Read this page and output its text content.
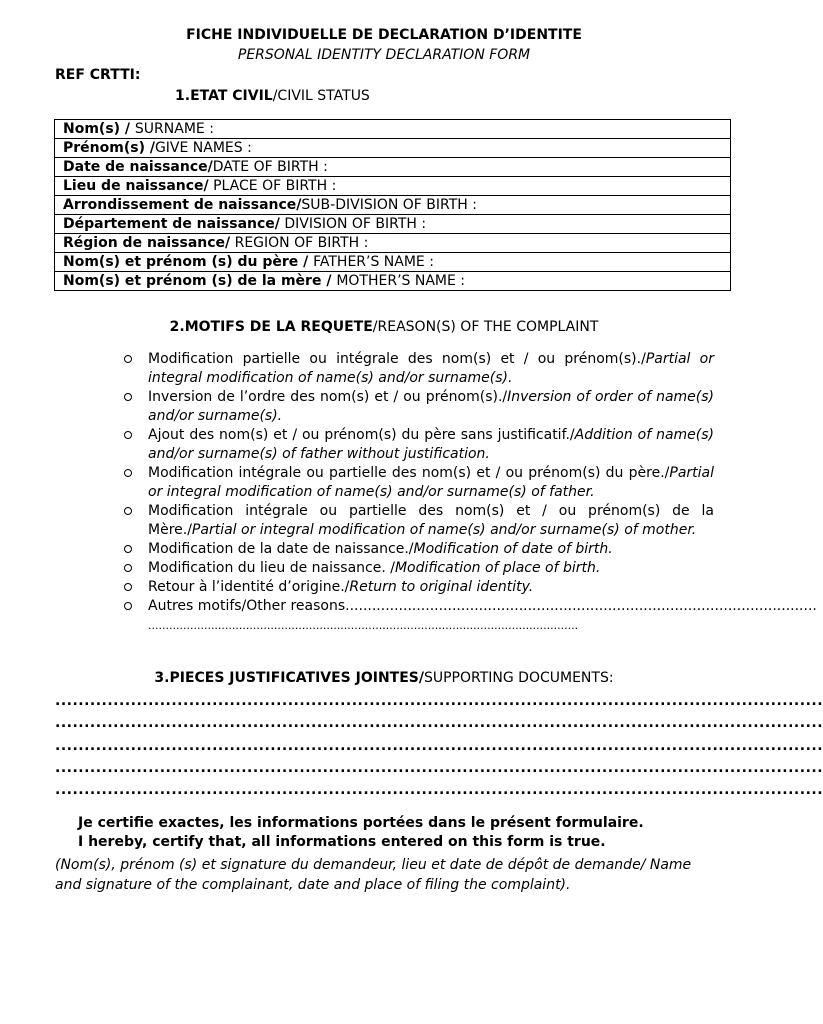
FICHE INDIVIDUELLE DE DECLARATION D’IDENTITE
PERSONAL IDENTITY DECLARATION FORM
REF CRTTI:
1.ETAT CIVIL/CIVIL STATUS
Nom(s) / SURNAME :
Prénom(s) /GIVE NAMES :
Date de naissance/DATE OF BIRTH :
Lieu de naissance/ PLACE OF BIRTH :
Arrondissement de naissance/SUB-DIVISION OF BIRTH :
Département de naissance/ DIVISION OF BIRTH :
Région de naissance/ REGION OF BIRTH :
Nom(s) et prénom (s) du père / FATHER’S NAME :
Nom(s) et prénom (s) de la mère / MOTHER’S NAME :
2.MOTIFS DE LA REQUETE/REASON(S) OF THE COMPLAINT
Modification partielle ou intégrale des nom(s) et / ou prénom(s)./Partial or integral modification of name(s) and/or surname(s).
Inversion de l’ordre des nom(s) et / ou prénom(s)./Inversion of order of name(s) and/or surname(s).
Ajout des nom(s) et / ou prénom(s) du père sans justificatif./Addition of name(s) and/or surname(s) of father without justification.
Modification intégrale ou partielle des nom(s) et / ou prénom(s) du père./Partial or integral modification of name(s) and/or surname(s) of father.
Modification intégrale ou partielle des nom(s) et / ou prénom(s) de la Mère./Partial or integral modification of name(s) and/or surname(s) of mother.
Modification de la date de naissance./Modification of date of birth.
Modification du lieu de naissance. /Modification of place of birth.
Retour à l’identité d’origine./Return to original identity.
Autres motifs/Other reasons..........................................................................................................
...........................................................................................................................
3.PIECES JUSTIFICATIVES JOINTES/SUPPORTING DOCUMENTS:
....................................................................................................................................
....................................................................................................................................
....................................................................................................................................
....................................................................................................................................
....................................................................................................................................
Je certifie exactes, les informations portées dans le présent formulaire.
I hereby, certify that, all informations entered on this form is true.
(Nom(s), prénom (s) et signature du demandeur, lieu et date de dépôt de demande/ Name and signature of the complainant, date and place of filing the complaint).
